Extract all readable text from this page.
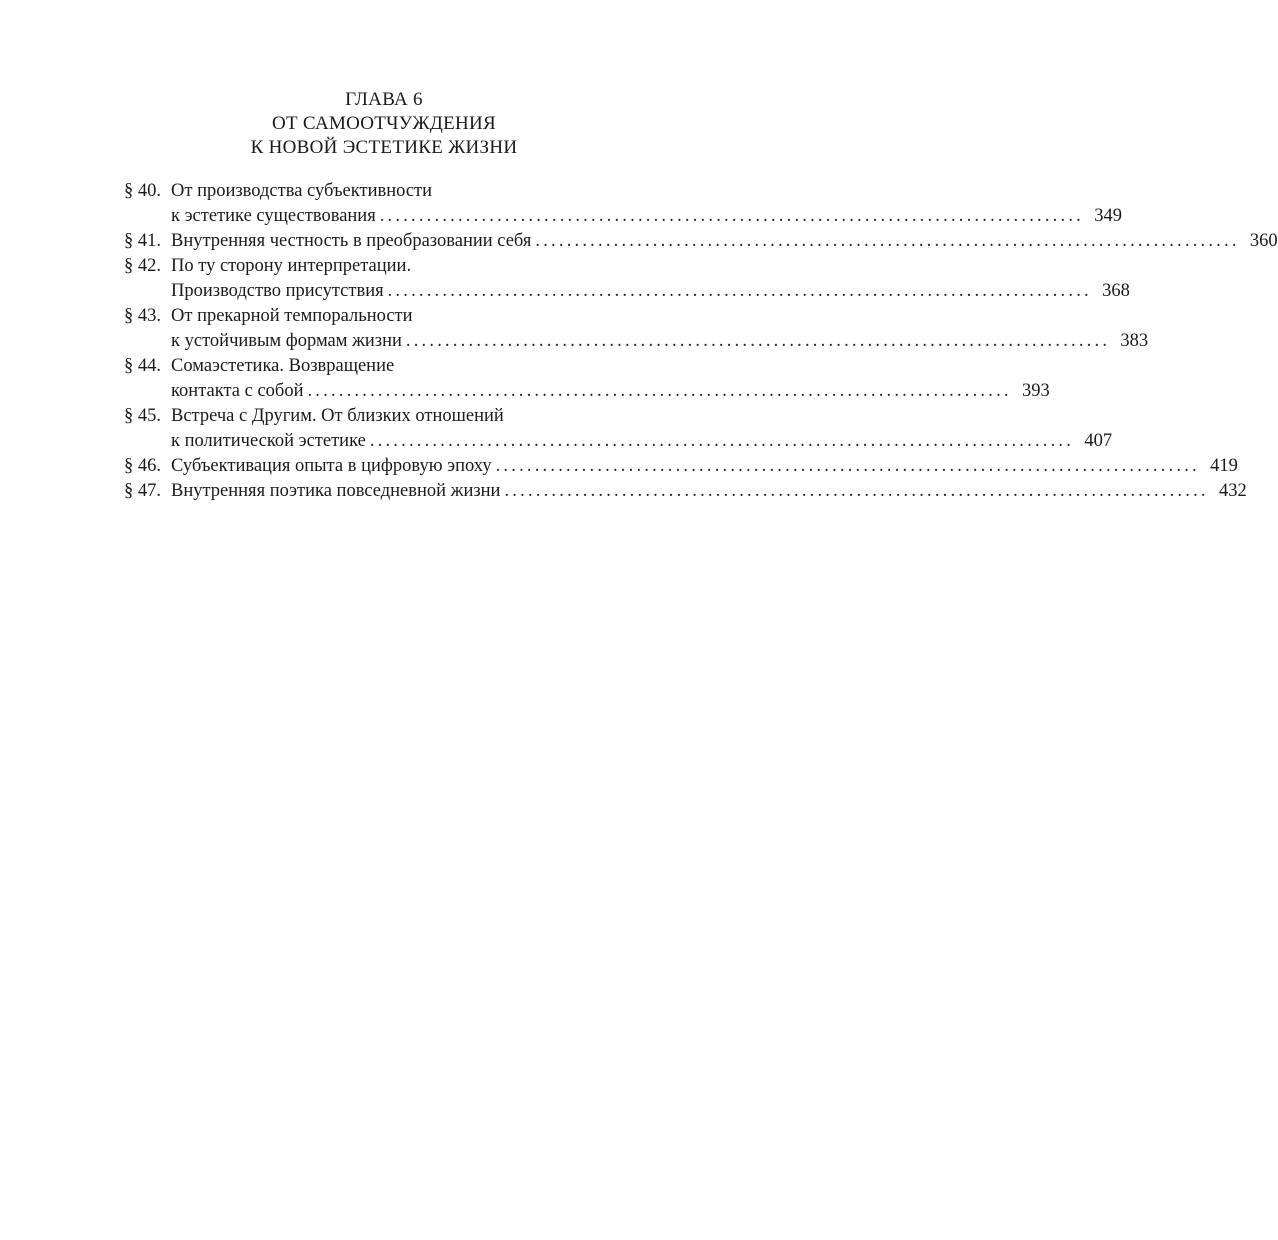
ГЛАВА 6
ОТ САМООТЧУЖДЕНИЯ
К НОВОЙ ЭСТЕТИКЕ ЖИЗНИ
§ 40. От производства субъективности
к эстетике существования .......................................................................................... 349
§ 41. Внутренняя честность в преобразовании себя .......................................................................................... 360
§ 42. По ту сторону интерпретации.
Производство присутствия .......................................................................................... 368
§ 43. От прекарной темпоральности
к устойчивым формам жизни .......................................................................................... 383
§ 44. Сомаэстетика. Возвращение
контакта с собой .......................................................................................... 393
§ 45. Встреча с Другим. От близких отношений
к политической эстетике .......................................................................................... 407
§ 46. Субъективация опыта в цифровую эпоху .......................................................................................... 419
§ 47. Внутренняя поэтика повседневной жизни .......................................................................................... 432
